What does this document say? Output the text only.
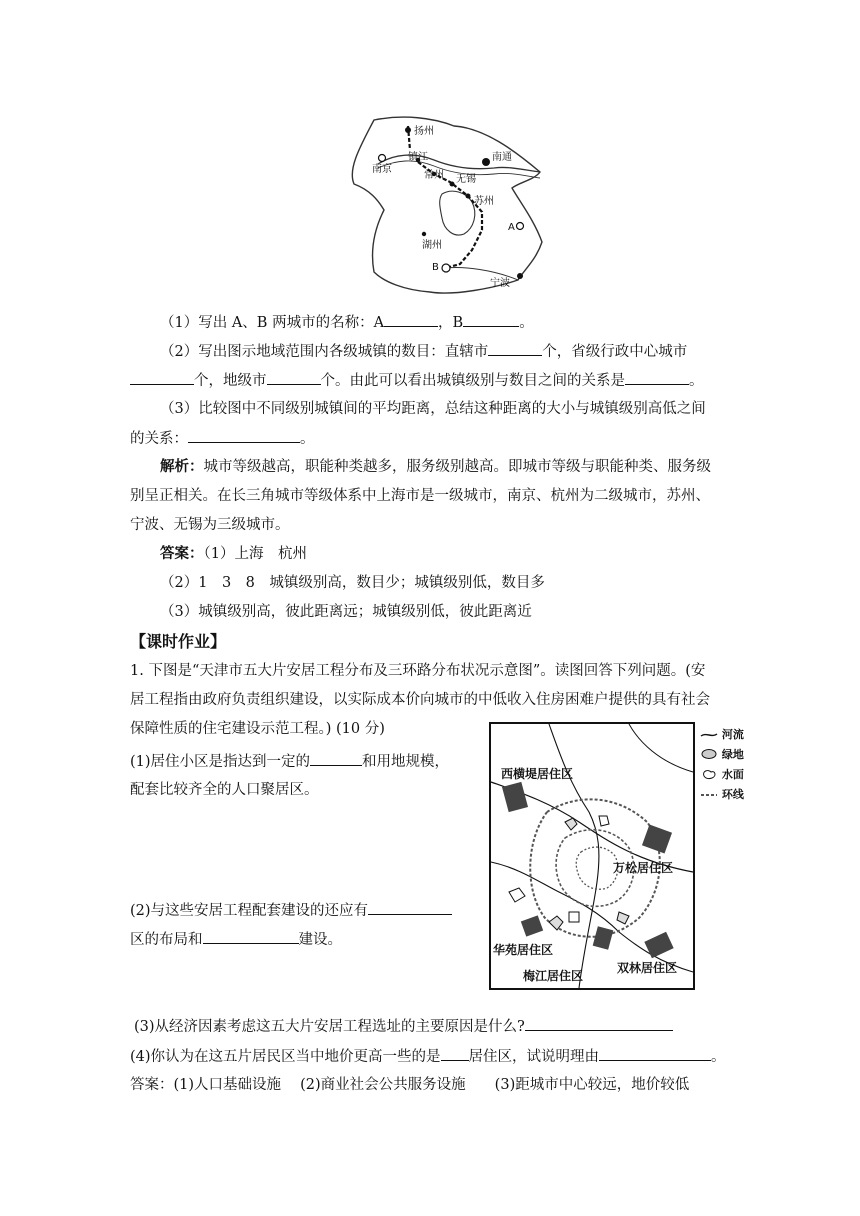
扬州
南通
镇江
南京
常州 无锡
苏州
A
湖州
B
宁波
（1）写出 A、B 两城市的名称：A	，B	。
（2）写出图示地域范围内各级城镇的数目：直辖市	个，省级行政中心城市
个，地级市	个。由此可以看出城镇级别与数目之间的关系是	。
（3）比较图中不同级别城镇间的平均距离，总结这种距离的大小与城镇级别高低之间
的关系：	。
解析：城市等级越高，职能种类越多，服务级别越高。即城市等级与职能种类、服务级
别呈正相关。在长三角城市等级体系中上海市是一级城市，南京、杭州为二级城市，苏州、
宁波、无锡为三级城市。
答案：（1）上海　杭州
（2）1　3　8　城镇级别高，数目少；城镇级别低，数目多
（3）城镇级别高，彼此距离远；城镇级别低，彼此距离近
【课时作业】
1. 下图是“天津市五大片安居工程分布及三环路分布状况示意图”。读图回答下列问题。(安
居工程指由政府负责组织建设，以实际成本价向城市的中低收入住房困难户提供的具有社会
保障性质的住宅建设示范工程。) (10 分)
(1)居住小区是指达到一定的	和用地规模，
配套比较齐全的人口聚居区。
(2)与这些安居工程配套建设的还应有
区的布局和	建设。
西横堤居住区
万松居住区
华苑居住区
梅江居住区
双林居住区
河流
绿地
水面
环线
(3)从经济因素考虑这五大片安居工程选址的主要原因是什么?
(4)你认为在这五片居民区当中地价更高一些的是 居住区，试说明理由	。
答案：(1)人口基础设施　 (2)商业社会公共服务设施　　(3)距城市中心较远，地价较低
